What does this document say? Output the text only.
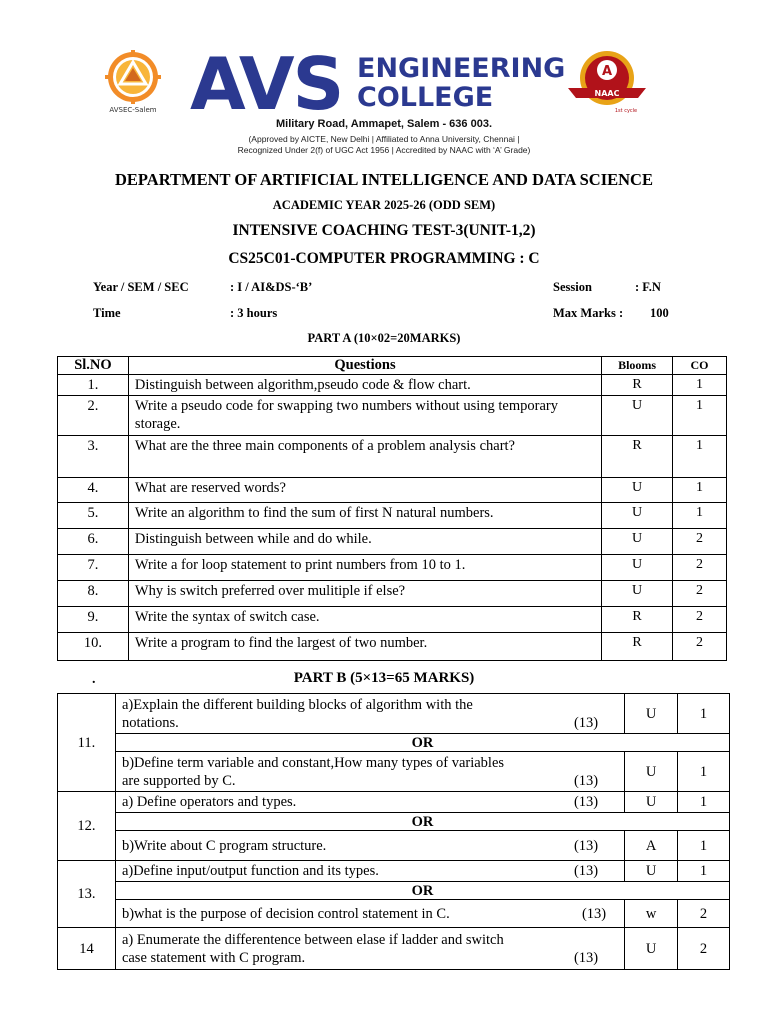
AVSEC-Salem AVS ENGINEERING
COLLEGE
A
NAAC
1st cycle
Military Road, Ammapet, Salem - 636 003.
(Approved by AICTE, New Delhi | Affiliated to Anna University, Chennai |
Recognized Under 2(f) of UGC Act 1956 | Accredited by NAAC with ‘A’ Grade)
DEPARTMENT OF ARTIFICIAL INTELLIGENCE AND DATA SCIENCE
ACADEMIC YEAR 2025-26 (ODD SEM)
INTENSIVE COACHING TEST-3(UNIT-1,2)
CS25C01-COMPUTER PROGRAMMING : C
Year / SEM / SEC	: I / AI&DS-‘B’	Session	: F.N
Time	: 3 hours	Max Marks : 100
PART A (10×02=20MARKS)
Sl.NO	Questions	Blooms	CO
1.	Distinguish between algorithm,pseudo code & flow chart.	R	1
2.	Write a pseudo code for swapping two numbers without using temporary storage.	U	1
3.	What are the three main components of a problem analysis chart?	R	1
4.	What are reserved words?	U	1
5.	Write an algorithm to find the sum of first N natural numbers.	U	1
6.	Distinguish between while and do while.	U	2
7.	Write a for loop statement to print numbers from 10 to 1.	U	2
8.	Why is switch preferred over mulitiple if else?	U	2
9.	Write the syntax of switch case.	R	2
10.	Write a program to find the largest of two number.	R	2
.	PART B (5×13=65 MARKS)
11.	a)Explain the different building blocks of algorithm with the
notations. (13)	U	1
	OR		

	b)Define term variable and constant,How many types of variables
are supported by C. (13)	U	1
12.	a) Define operators and types. (13)	U	1
	OR		
	b)Write about C program structure. (13)	A	1
13.	a)Define input/output function and its types. (13)	U	1
	OR		
	b)what is the purpose of decision control statement in C. (13)	w	2
14	a) Enumerate the differentence between elase if ladder and switch
case statement with C program. (13)	U	2
